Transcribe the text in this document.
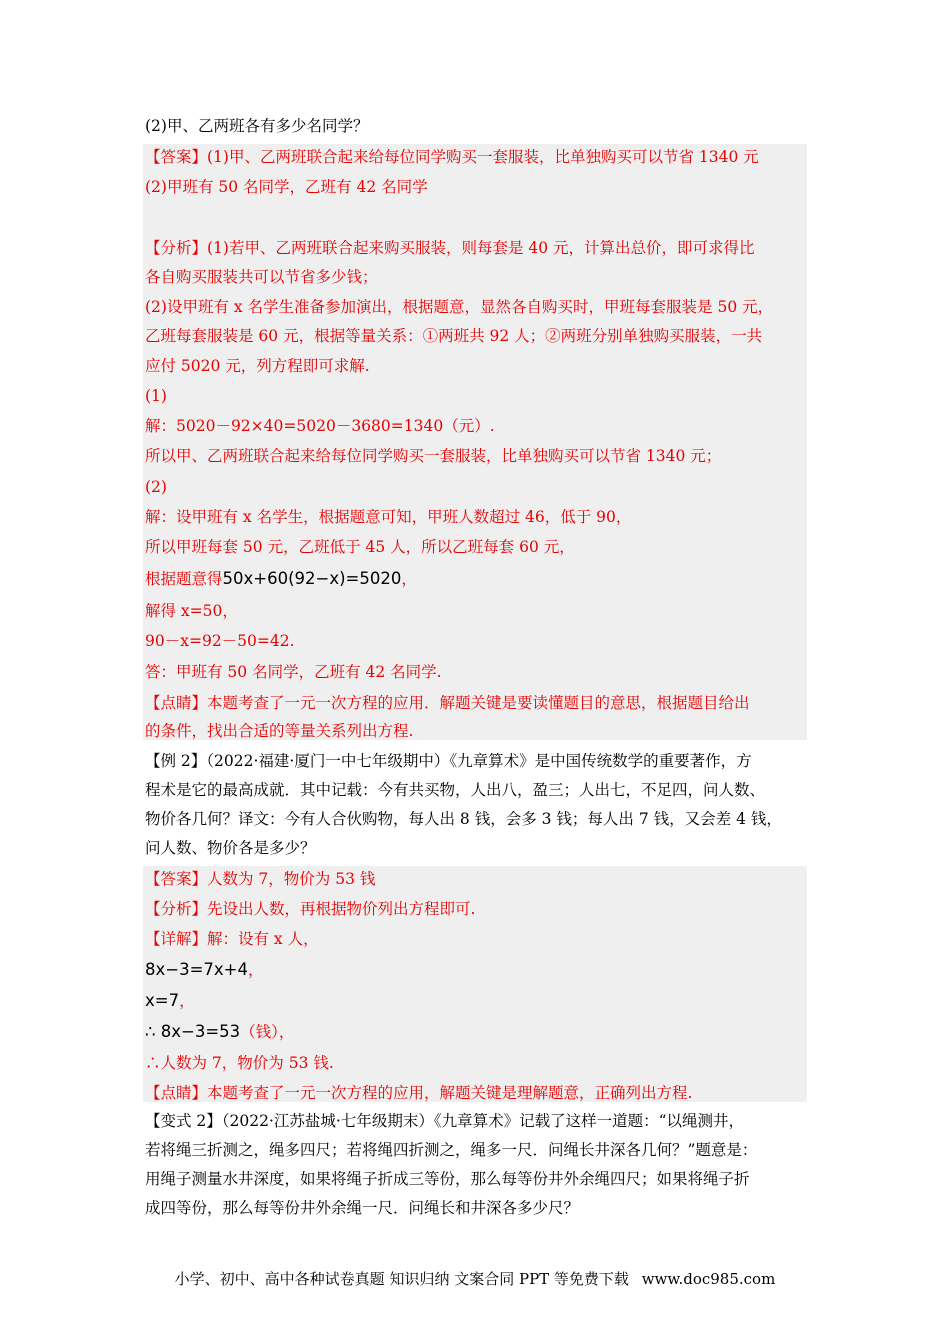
(2)甲、乙两班各有多少名同学？
【答案】(1)甲、乙两班联合起来给每位同学购买一套服装，比单独购买可以节省 1340 元
(2)甲班有 50 名同学，乙班有 42 名同学
【分析】(1)若甲、乙两班联合起来购买服装，则每套是 40 元，计算出总价，即可求得比
各自购买服装共可以节省多少钱；
(2)设甲班有 x 名学生准备参加演出，根据题意，显然各自购买时，甲班每套服装是 50 元，
乙班每套服装是 60 元，根据等量关系：①两班共 92 人；②两班分别单独购买服装，一共
应付 5020 元，列方程即可求解.
(1)
解：5020－92×40=5020－3680=1340（元）.
所以甲、乙两班联合起来给每位同学购买一套服装，比单独购买可以节省 1340 元；
(2)
解：设甲班有 x 名学生，根据题意可知，甲班人数超过 46，低于 90，
所以甲班每套 50 元，乙班低于 45 人，所以乙班每套 60 元，
根据题意得50x+60(92−x)=5020，
解得 x=50，
90－x=92－50=42.
答：甲班有 50 名同学，乙班有 42 名同学.
【点睛】本题考查了一元一次方程的应用．解题关键是要读懂题目的意思，根据题目给出
的条件，找出合适的等量关系列出方程.
【例 2】（2022·福建·厦门一中七年级期中）《九章算术》是中国传统数学的重要著作，方
程术是它的最高成就．其中记载：今有共买物，人出八，盈三；人出七，不足四，问人数、
物价各几何？译文：今有人合伙购物，每人出 8 钱，会多 3 钱；每人出 7 钱，又会差 4 钱，
问人数、物价各是多少？
【答案】人数为 7，物价为 53 钱
【分析】先设出人数，再根据物价列出方程即可.
【详解】解：设有 x 人，
8x−3=7x+4，
x=7，
∴ 8x−3=53（钱），
∴人数为 7，物价为 53 钱.
【点睛】本题考查了一元一次方程的应用，解题关键是理解题意，正确列出方程.
【变式 2】（2022·江苏盐城·七年级期末）《九章算术》记载了这样一道题：“以绳测井，
若将绳三折测之，绳多四尺；若将绳四折测之，绳多一尺．问绳长井深各几何？”题意是：
用绳子测量水井深度，如果将绳子折成三等份，那么每等份井外余绳四尺；如果将绳子折
成四等份，那么每等份井外余绳一尺．问绳长和井深各多少尺？
小学、初中、高中各种试卷真题 知识归纳 文案合同 PPT 等免费下载 www.doc985.com
